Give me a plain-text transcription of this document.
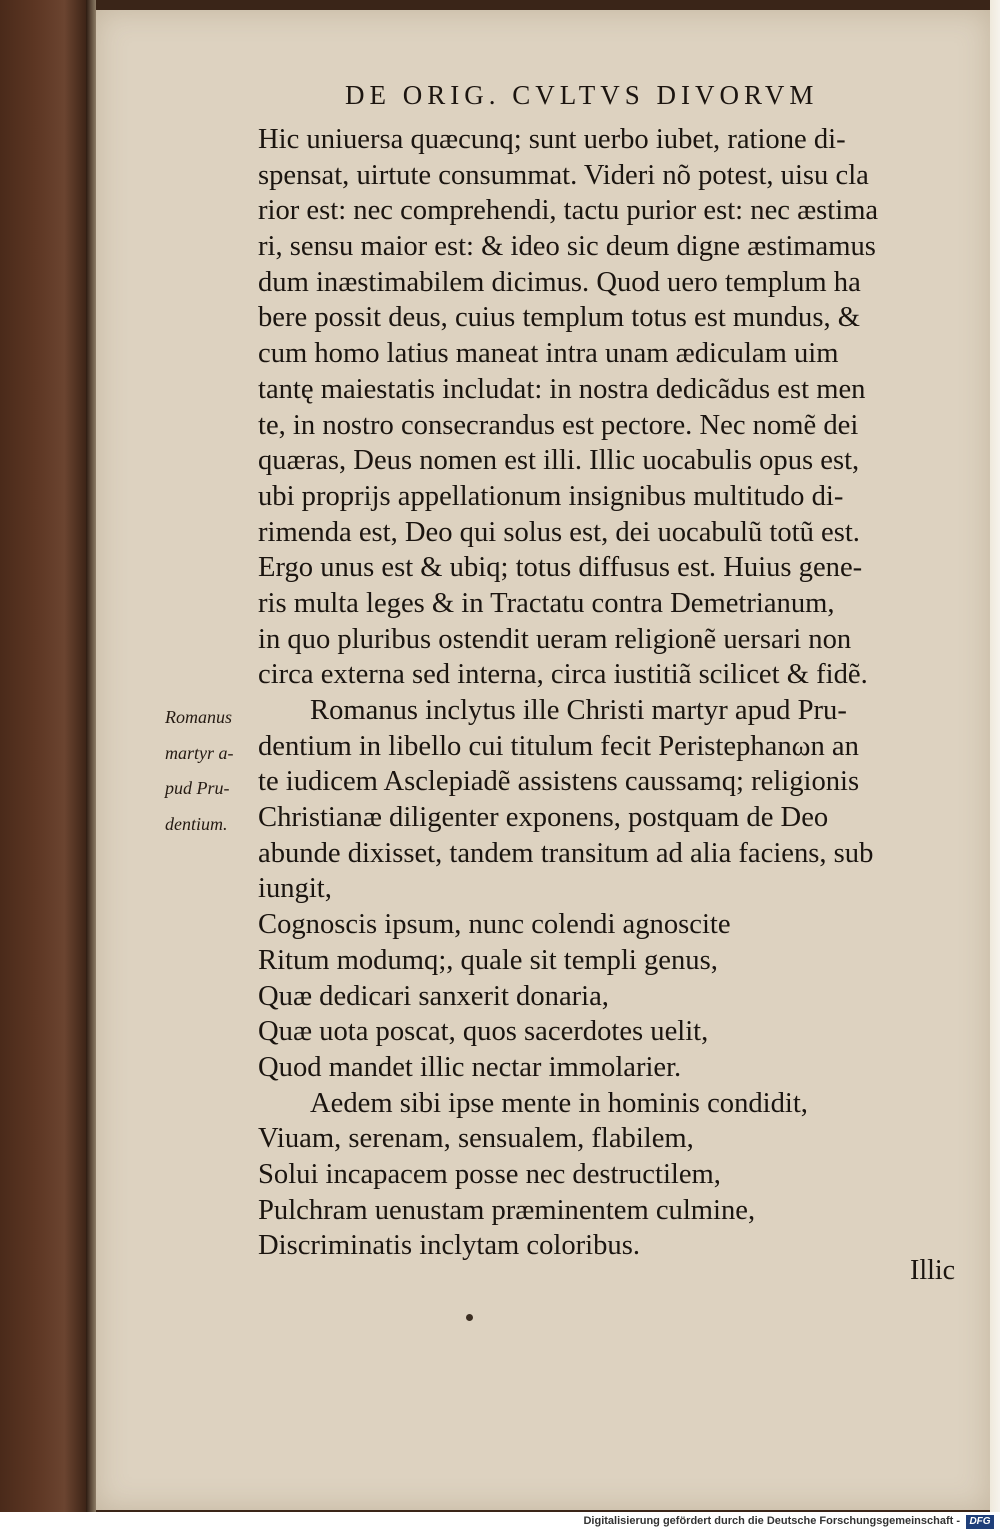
DE ORIG. CVLTVS DIVORVM
Hic uniuersa quæcunq; sunt uerbo iubet, ratione di-
spensat, uirtute consummat. Videri nõ potest, uisu cla
rior est: nec comprehendi, tactu purior est: nec æstima
ri, sensu maior est: & ideo sic deum digne æstimamus
dum inæstimabilem dicimus. Quod uero templum ha
bere possit deus, cuius templum totus est mundus, &
cum homo latius maneat intra unam ædiculam uim
tantę maiestatis includat: in nostra dedicãdus est men
te, in nostro consecrandus est pectore. Nec nomẽ dei
quæras, Deus nomen est illi. Illic uocabulis opus est,
ubi proprijs appellationum insignibus multitudo di-
rimenda est, Deo qui solus est, dei uocabulũ totũ est.
Ergo unus est & ubiq; totus diffusus est. Huius gene-
ris multa leges & in Tractatu contra Demetrianum,
in quo pluribus ostendit ueram religionẽ uersari non
circa externa sed interna, circa iustitiã scilicet & fidẽ.
Romanus inclytus ille Christi martyr apud Pru-
dentium in libello cui titulum fecit Peristephanωn an
te iudicem Asclepiadẽ assistens caussamq; religionis
Christianæ diligenter exponens, postquam de Deo
abunde dixisset, tandem transitum ad alia faciens, sub
iungit,
Cognoscis ipsum, nunc colendi agnoscite
Ritum modumq;, quale sit templi genus,
Quæ dedicari sanxerit donaria,
Quæ uota poscat, quos sacerdotes uelit,
Quod mandet illic nectar immolarier.
Aedem sibi ipse mente in hominis condidit,
Viuam, serenam, sensualem, flabilem,
Solui incapacem posse nec destructilem,
Pulchram uenustam præminentem culmine,
Discriminatis inclytam coloribus.
Romanus
martyr a-
pud Pru-
dentium.
Illic
Digitalisierung gefördert durch die Deutsche Forschungsgemeinschaft - DFG
